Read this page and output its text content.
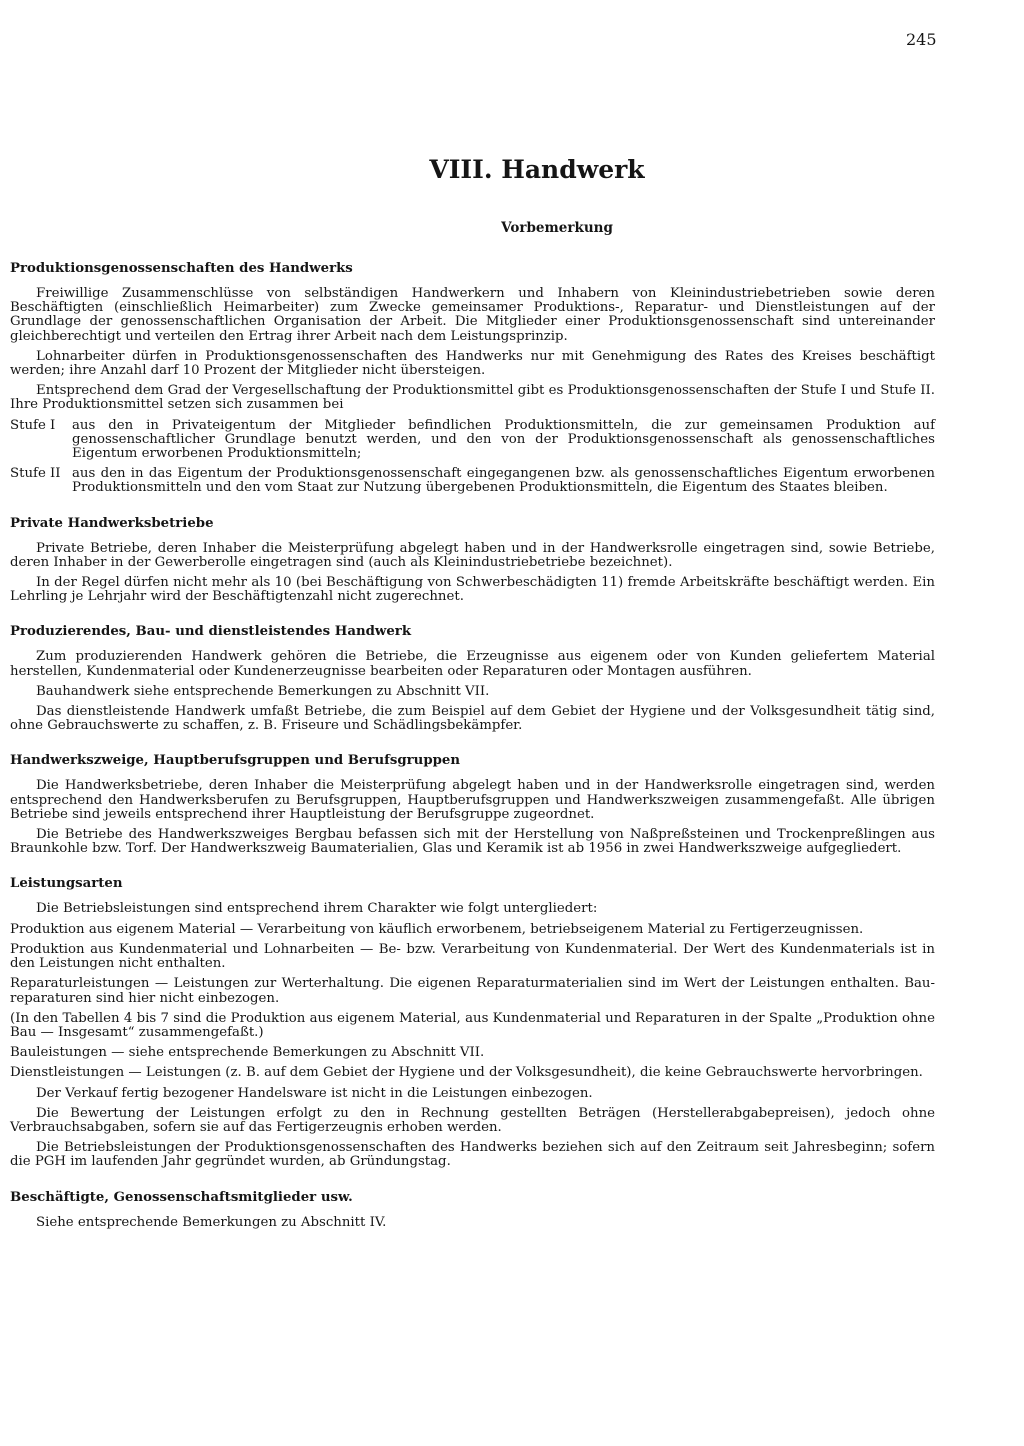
245
VIII. Handwerk
Vorbemerkung
Produktionsgenossenschaften des Handwerks

Freiwillige Zusammenschlüsse von selbständigen Handwerkern und Inhabern von Kleinindustriebetrieben sowie deren Beschäftigten (einschließlich Heimarbeiter) zum Zwecke gemeinsamer Produktions-, Reparatur- und Dienstleistungen auf der Grundlage der genossenschaftlichen Organisation der Arbeit. Die Mitglieder einer Produktionsgenossenschaft sind untereinander gleichberechtigt und verteilen den Ertrag ihrer Arbeit nach dem Leistungsprinzip.

Lohnarbeiter dürfen in Produktionsgenossenschaften des Handwerks nur mit Genehmigung des Rates des Kreises beschäftigt werden; ihre Anzahl darf 10 Prozent der Mitglieder nicht übersteigen.

Entsprechend dem Grad der Vergesellschaftung der Produktionsmittel gibt es Produktionsgenossenschaften der Stufe I und Stufe II. Ihre Produktionsmittel setzen sich zusammen bei

Stufe I	aus den in Privateigentum der Mitglieder befindlichen Produktionsmitteln, die zur gemeinsamen Produktion auf genossenschaftlicher Grundlage benutzt werden, und den von der Produktionsgenossenschaft als genossenschaftliches Eigentum erworbenen Produktionsmitteln;
Stufe II aus den in das Eigentum der Produktionsgenossenschaft eingegangenen bzw. als genossenschaftliches Eigentum erworbenen Produktionsmitteln und den vom Staat zur Nutzung übergebenen Produktionsmitteln, die Eigentum des Staates bleiben.
Private Handwerksbetriebe

Private Betriebe, deren Inhaber die Meisterprüfung abgelegt haben und in der Handwerksrolle eingetragen sind, sowie Betriebe, deren Inhaber in der Gewerberolle eingetragen sind (auch als Kleinindustriebetriebe bezeichnet).

In der Regel dürfen nicht mehr als 10 (bei Beschäftigung von Schwerbeschädigten 11) fremde Arbeitskräfte beschäftigt werden. Ein Lehrling je Lehrjahr wird der Beschäftigtenzahl nicht zugerechnet.

Produzierendes, Bau- und dienstleistendes Handwerk

Zum produzierenden Handwerk gehören die Betriebe, die Erzeugnisse aus eigenem oder von Kunden geliefertem Material herstellen, Kundenmaterial oder Kundenerzeugnisse bearbeiten oder Reparaturen oder Montagen ausführen.

Bauhandwerk siehe entsprechende Bemerkungen zu Abschnitt VII.

Das dienstleistende Handwerk umfaßt Betriebe, die zum Beispiel auf dem Gebiet der Hygiene und der Volksgesundheit tätig sind, ohne Gebrauchswerte zu schaffen, z. B. Friseure und Schädlingsbekämpfer.

Handwerkszweige, Hauptberufsgruppen und Berufsgruppen

Die Handwerksbetriebe, deren Inhaber die Meisterprüfung abgelegt haben und in der Handwerksrolle eingetragen sind, werden entsprechend den Handwerksberufen zu Berufsgruppen, Hauptberufsgruppen und Handwerkszweigen zusammengefaßt. Alle übrigen Betriebe sind jeweils entsprechend ihrer Hauptleistung der Berufsgruppe zugeordnet.

Die Betriebe des Handwerkszweiges Bergbau befassen sich mit der Herstellung von Naßpreßsteinen und Trockenpreßlingen aus Braunkohle bzw. Torf. Der Handwerkszweig Baumaterialien, Glas und Keramik ist ab 1956 in zwei Handwerkszweige aufgegliedert.

Leistungsarten

Die Betriebsleistungen sind entsprechend ihrem Charakter wie folgt untergliedert:

Produktion aus eigenem Material — Verarbeitung von käuflich erworbenem, betriebseigenem Material zu Fertigerzeugnissen.

Produktion aus Kundenmaterial und Lohnarbeiten — Be- bzw. Verarbeitung von Kundenmaterial. Der Wert des Kundenmaterials ist in den Leistungen nicht enthalten.

Reparaturleistungen — Leistungen zur Werterhaltung. Die eigenen Reparaturmaterialien sind im Wert der Leistungen enthalten. Baureparaturen sind hier nicht einbezogen.

(In den Tabellen 4 bis 7 sind die Produktion aus eigenem Material, aus Kundenmaterial und Reparaturen in der Spalte „Produktion ohne Bau — Insgesamt“ zusammengefaßt.)

Bauleistungen — siehe entsprechende Bemerkungen zu Abschnitt VII.

Dienstleistungen — Leistungen (z. B. auf dem Gebiet der Hygiene und der Volksgesundheit), die keine Gebrauchswerte hervorbringen.

Der Verkauf fertig bezogener Handelsware ist nicht in die Leistungen einbezogen.

Die Bewertung der Leistungen erfolgt zu den in Rechnung gestellten Beträgen (Herstellerabgabepreisen), jedoch ohne Verbrauchsabgaben, sofern sie auf das Fertigerzeugnis erhoben werden.

Die Betriebsleistungen der Produktionsgenossenschaften des Handwerks beziehen sich auf den Zeitraum seit Jahresbeginn; sofern die PGH im laufenden Jahr gegründet wurden, ab Gründungstag.

Beschäftigte, Genossenschaftsmitglieder usw.

Siehe entsprechende Bemerkungen zu Abschnitt IV.
